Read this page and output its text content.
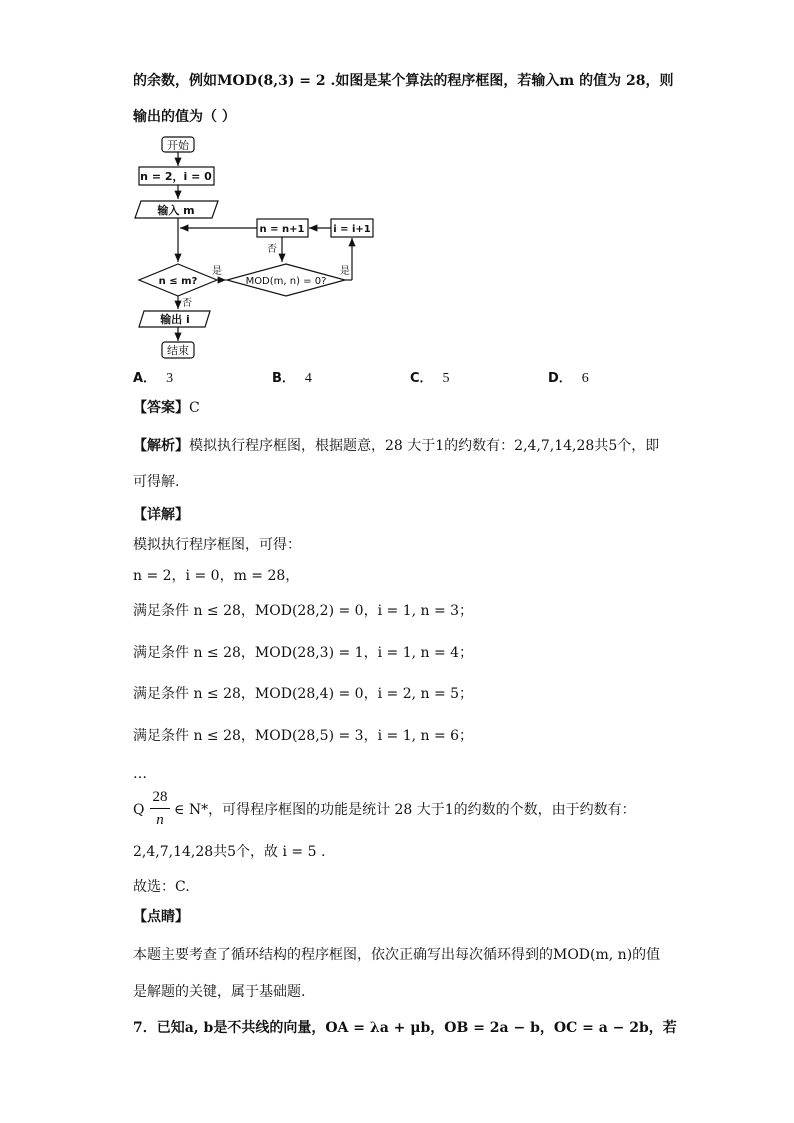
的余数，例如MOD(8,3) = 2 .如图是某个算法的程序框图，若输入m 的值为 28，则
输出的值为（ ）
开始
n = 2，i = 0
输入 m
n = n+1	i = i+1
n ≤ m?	MOD(m, n) = 0?
是	是
否
否
输出 i
结束
A． 3	B． 4	C． 5	D． 6
【答案】C
【解析】模拟执行程序框图，根据题意，28 大于1的约数有：2,4,7,14,28共5个，即
可得解.
【详解】
模拟执行程序框图，可得：
n = 2，i = 0，m = 28，
满足条件 n ≤ 28，MOD(28,2) = 0，i = 1, n = 3；
满足条件 n ≤ 28，MOD(28,3) = 1，i = 1, n = 4；
满足条件 n ≤ 28，MOD(28,4) = 0，i = 2, n = 5；
满足条件 n ≤ 28，MOD(28,5) = 3，i = 1, n = 6；
…
Q
28
n
∈ N*，可得程序框图的功能是统计 28 大于1的约数的个数，由于约数有：
2,4,7,14,28共5个，故 i = 5 .
故选：C.
【点睛】
本题主要考查了循环结构的程序框图，依次正确写出每次循环得到的MOD(m, n)的值
是解题的关键，属于基础题.
7．已知a, b是不共线的向量，OA = λa + μb，OB = 2a − b，OC = a − 2b，若
